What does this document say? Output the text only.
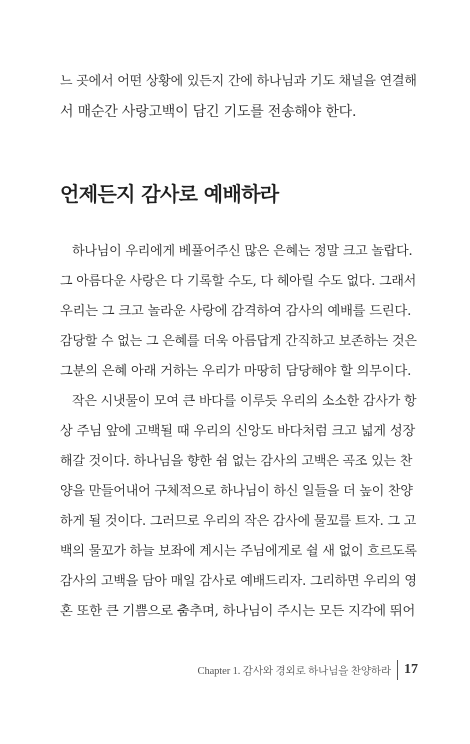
느 곳에서 어떤 상황에 있든지 간에 하나님과 기도 채널을 연결해
서 매순간 사랑고백이 담긴 기도를 전송해야 한다.
언제든지 감사로 예배하라
하나님이 우리에게 베풀어주신 많은 은혜는 정말 크고 놀랍다.
그 아름다운 사랑은 다 기록할 수도, 다 헤아릴 수도 없다. 그래서
우리는 그 크고 놀라운 사랑에 감격하여 감사의 예배를 드린다.
감당할 수 없는 그 은혜를 더욱 아름답게 간직하고 보존하는 것은
그분의 은혜 아래 거하는 우리가 마땅히 담당해야 할 의무이다.
작은 시냇물이 모여 큰 바다를 이루듯 우리의 소소한 감사가 항
상 주님 앞에 고백될 때 우리의 신앙도 바다처럼 크고 넓게 성장
해갈 것이다. 하나님을 향한 쉼 없는 감사의 고백은 곡조 있는 찬
양을 만들어내어 구체적으로 하나님이 하신 일들을 더 높이 찬양
하게 될 것이다. 그러므로 우리의 작은 감사에 물꼬를 트자. 그 고
백의 물꼬가 하늘 보좌에 계시는 주님에게로 쉴 새 없이 흐르도록
감사의 고백을 담아 매일 감사로 예배드리자. 그리하면 우리의 영
혼 또한 큰 기쁨으로 춤추며, 하나님이 주시는 모든 지각에 뛰어
Chapter 1. 감사와 경외로 하나님을 찬양하라 17
